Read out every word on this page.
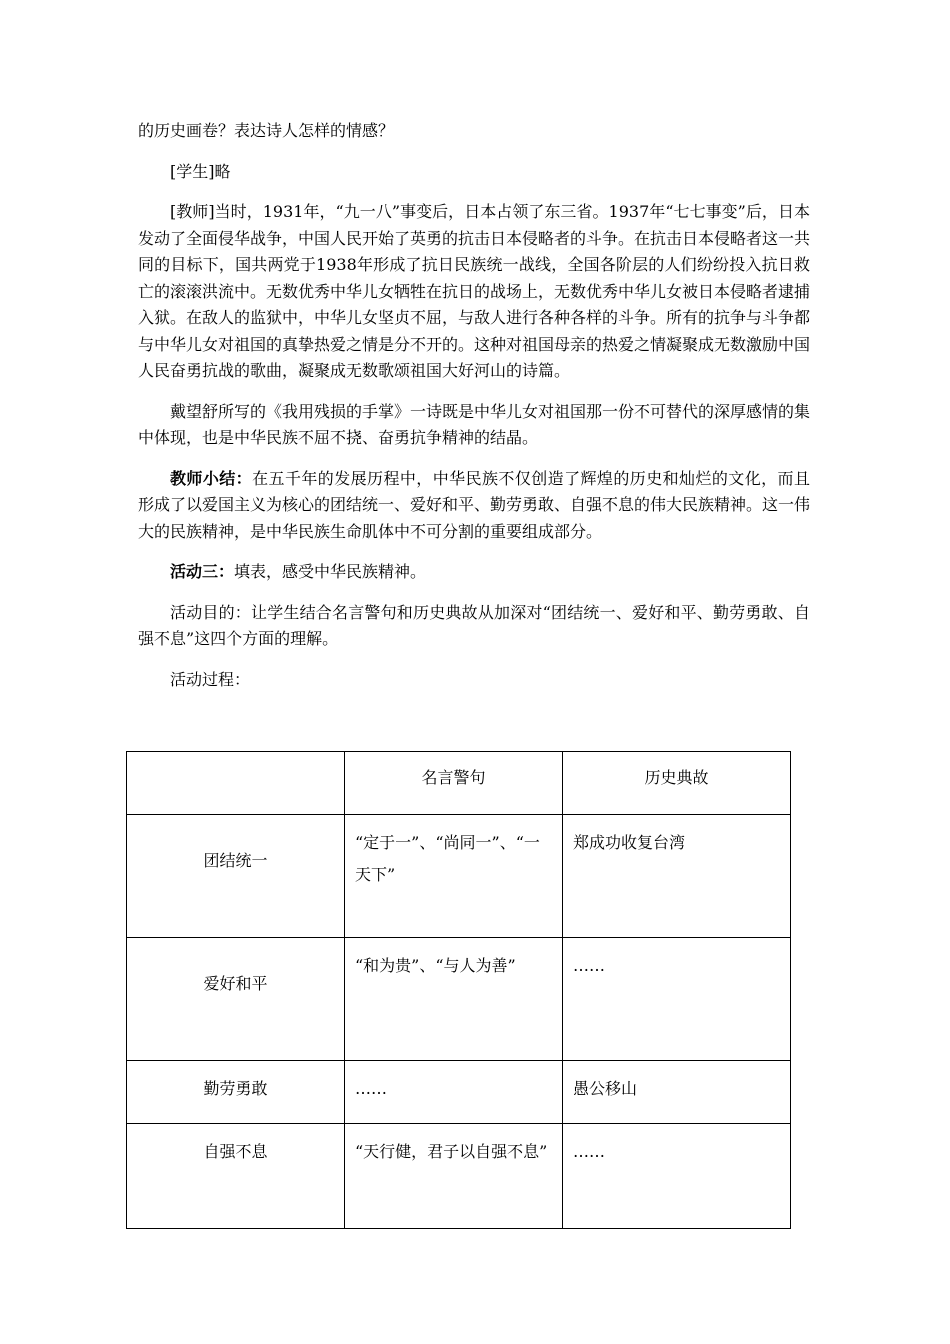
的历史画卷？表达诗人怎样的情感？

[学生]略

[教师]当时，1931年，“九一八”事变后，日本占领了东三省。1937年“七七事变”后，日本发动了全面侵华战争，中国人民开始了英勇的抗击日本侵略者的斗争。在抗击日本侵略者这一共同的目标下，国共两党于1938年形成了抗日民族统一战线，全国各阶层的人们纷纷投入抗日救亡的滚滚洪流中。无数优秀中华儿女牺牲在抗日的战场上，无数优秀中华儿女被日本侵略者逮捕入狱。在敌人的监狱中，中华儿女坚贞不屈，与敌人进行各种各样的斗争。所有的抗争与斗争都与中华儿女对祖国的真挚热爱之情是分不开的。这种对祖国母亲的热爱之情凝聚成无数激励中国人民奋勇抗战的歌曲，凝聚成无数歌颂祖国大好河山的诗篇。

戴望舒所写的《我用残损的手掌》一诗既是中华儿女对祖国那一份不可替代的深厚感情的集中体现，也是中华民族不屈不挠、奋勇抗争精神的结晶。

教师小结：在五千年的发展历程中，中华民族不仅创造了辉煌的历史和灿烂的文化，而且形成了以爱国主义为核心的团结统一、爱好和平、勤劳勇敢、自强不息的伟大民族精神。这一伟大的民族精神，是中华民族生命肌体中不可分割的重要组成部分。

活动三：填表，感受中华民族精神。

活动目的：让学生结合名言警句和历史典故从加深对“团结统一、爱好和平、勤劳勇敢、自强不息”这四个方面的理解。

活动过程：

	名言警句	历史典故
团结统一	“定于一”、“尚同一”、“一天下”	郑成功收复台湾
爱好和平	“和为贵”、“与人为善”	……
勤劳勇敢	……	愚公移山
自强不息	“天行健，君子以自强不息”	……
